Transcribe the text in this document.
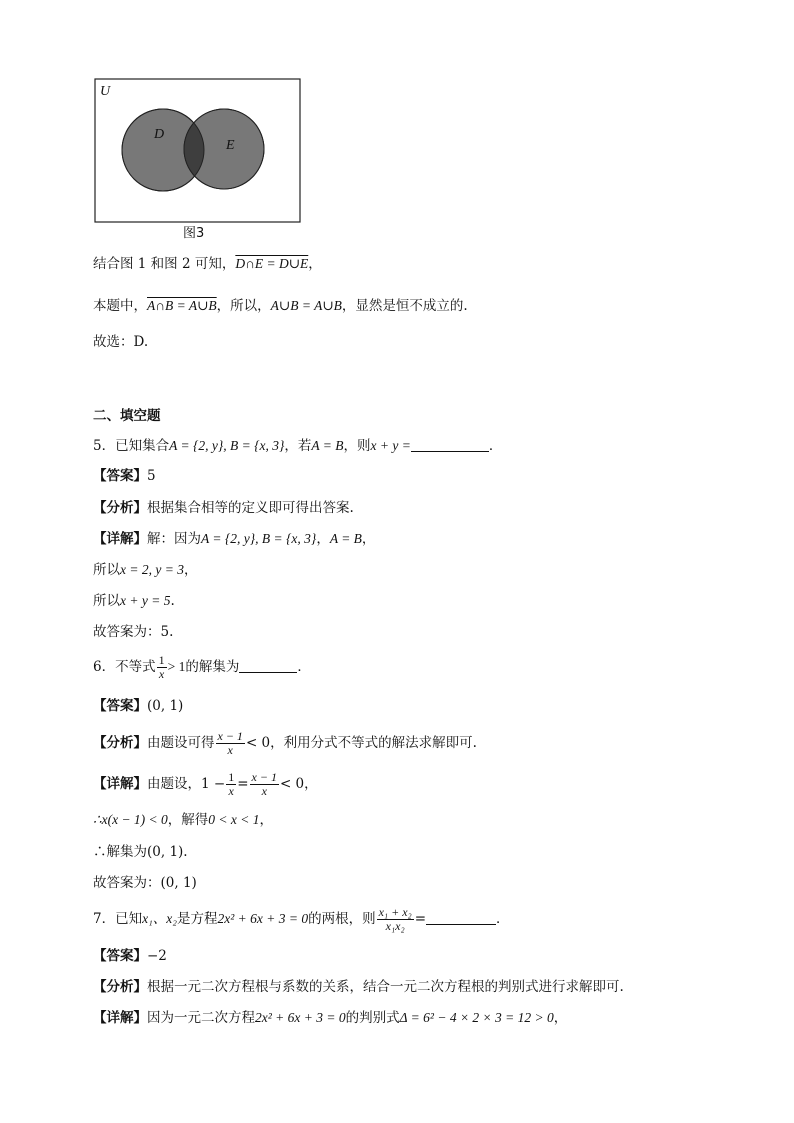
U
D
E
图3
结合图 1 和图 2 可知，D∩E = D∪E，
本题中，A∩B = A∪B，所以，A∪B = A∪B，显然是恒不成立的.
故选：D.
二、填空题
5．已知集合A = {2, y}, B = {x, 3}，若A = B，则x + y =	．
【答案】5
【分析】根据集合相等的定义即可得出答案.
【详解】解：因为A = {2, y}, B = {x, 3}，A = B，
所以x = 2, y = 3，
所以x + y = 5.
故答案为：5.
6．不等式 $\frac{1}{x} > 1$的解集为	．
【答案】(0, 1)
【分析】由题设可得 $\frac{x - 1}{x} < 0$，利用分式不等式的解法求解即可.
【详解】由题设，$1 - \frac{1}{x} = \frac{x - 1}{x} < 0$，
∴x(x − 1) < 0，解得0 < x < 1，
∴解集为(0, 1).
故答案为：(0, 1)
7．已知x₁、x₂是方程2x² + 6x + 3 = 0的两根，则 $\frac{\text{x₁ + x₂}}{\text{x₁x₂}}$ =	．
【答案】−2
【分析】根据一元二次方程根与系数的关系，结合一元二次方程根的判别式进行求解即可.
【详解】因为一元二次方程2x² + 6x + 3 = 0的判别式Δ = 6² − 4 × 2 × 3 = 12 > 0，
